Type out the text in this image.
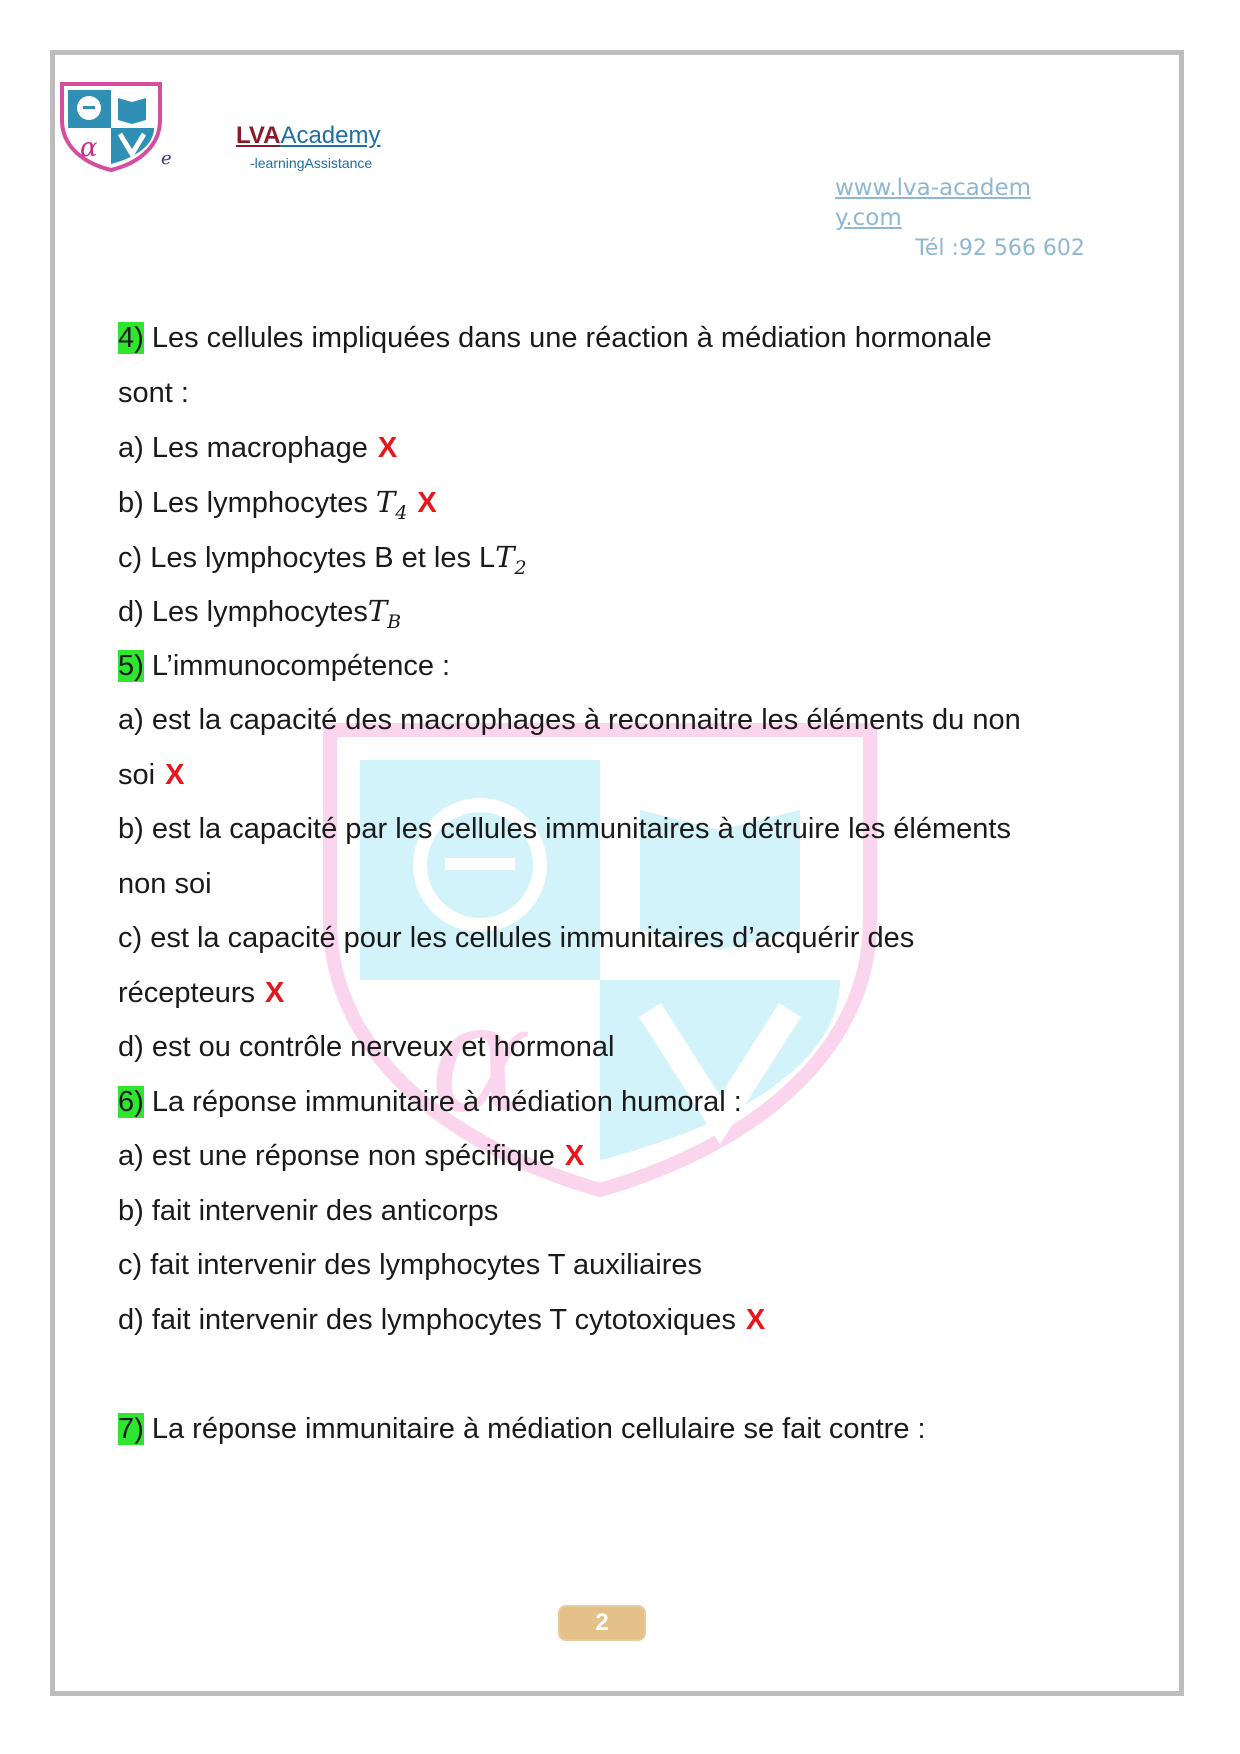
α	e
LVAAcademy
-learningAssistance
www.lva-academy.com
Tél :92 566 602
α
4) Les cellules impliquées dans une réaction à médiation hormonale
sont :
a) Les macrophage X
b) Les lymphocytes $T_4$ X
c) Les lymphocytes B et les $LT_2$
d) Les lymphocytesT$_B$
5) L’immunocompétence :
a) est la capacité des macrophages à reconnaitre les éléments du non
soi X
b) est la capacité par les cellules immunitaires à détruire les éléments
non soi
c) est la capacité pour les cellules immunitaires d’acquérir des
récepteurs X
d) est ou contrôle nerveux et hormonal
6) La réponse immunitaire à médiation humoral :
a) est une réponse non spécifique X
b) fait intervenir des anticorps
c) fait intervenir des lymphocytes T auxiliaires
d) fait intervenir des lymphocytes T cytotoxiques X
7) La réponse immunitaire à médiation cellulaire se fait contre :
2
